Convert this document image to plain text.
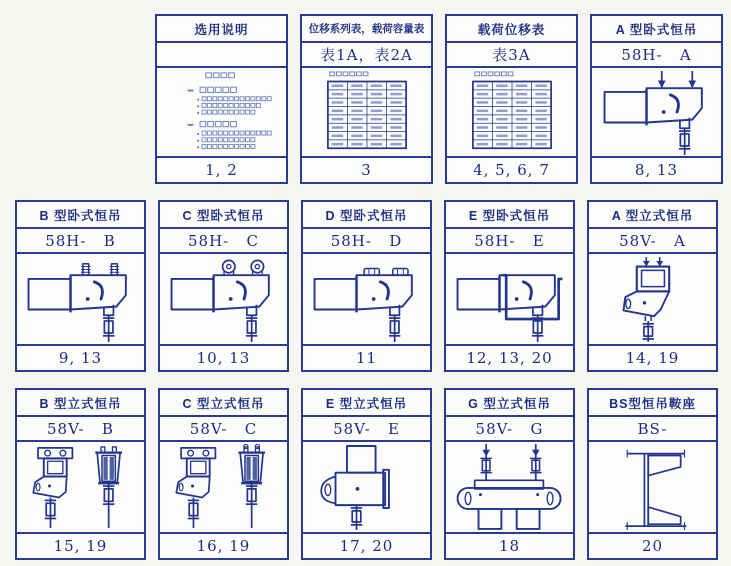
选用说明
1, 2
位移系列表，载荷容量表
表1A，表2A
3
载荷位移表
表3A
4, 5, 6, 7
A 型卧式恒吊
58H-   A
8, 13
B 型卧式恒吊
58H-   B
9, 13
C 型卧式恒吊
58H-   C
10, 13
D 型卧式恒吊
58H-   D
11
E 型卧式恒吊
58H-   E
12, 13, 20
A 型立式恒吊
58V-   A
14, 19
B 型立式恒吊
58V-   B
15, 19
C 型立式恒吊
58V-   C
16, 19
E 型立式恒吊
58V-   E
17, 20
G 型立式恒吊
58V-   G
18
BS型恒吊鞍座
BS-
20
